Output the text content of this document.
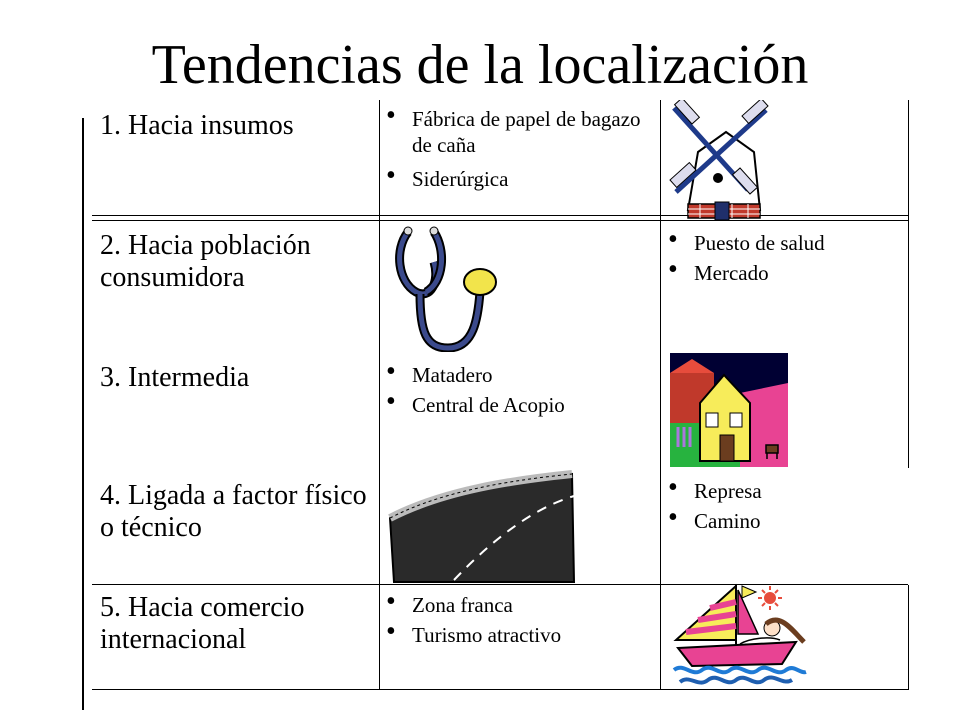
Tendencias de la localización
1. Hacia insumos	• Fábrica de papel de bagazo de caña
• Siderúrgica
2. Hacia población consumidora
• Puesto de salud
• Mercado
3. Intermedia	• Matadero
• Central de Acopio
4. Ligada a factor físico o técnico
• Represa
• Camino
5. Hacia comercio internacional
• Zona franca
• Turismo atractivo
